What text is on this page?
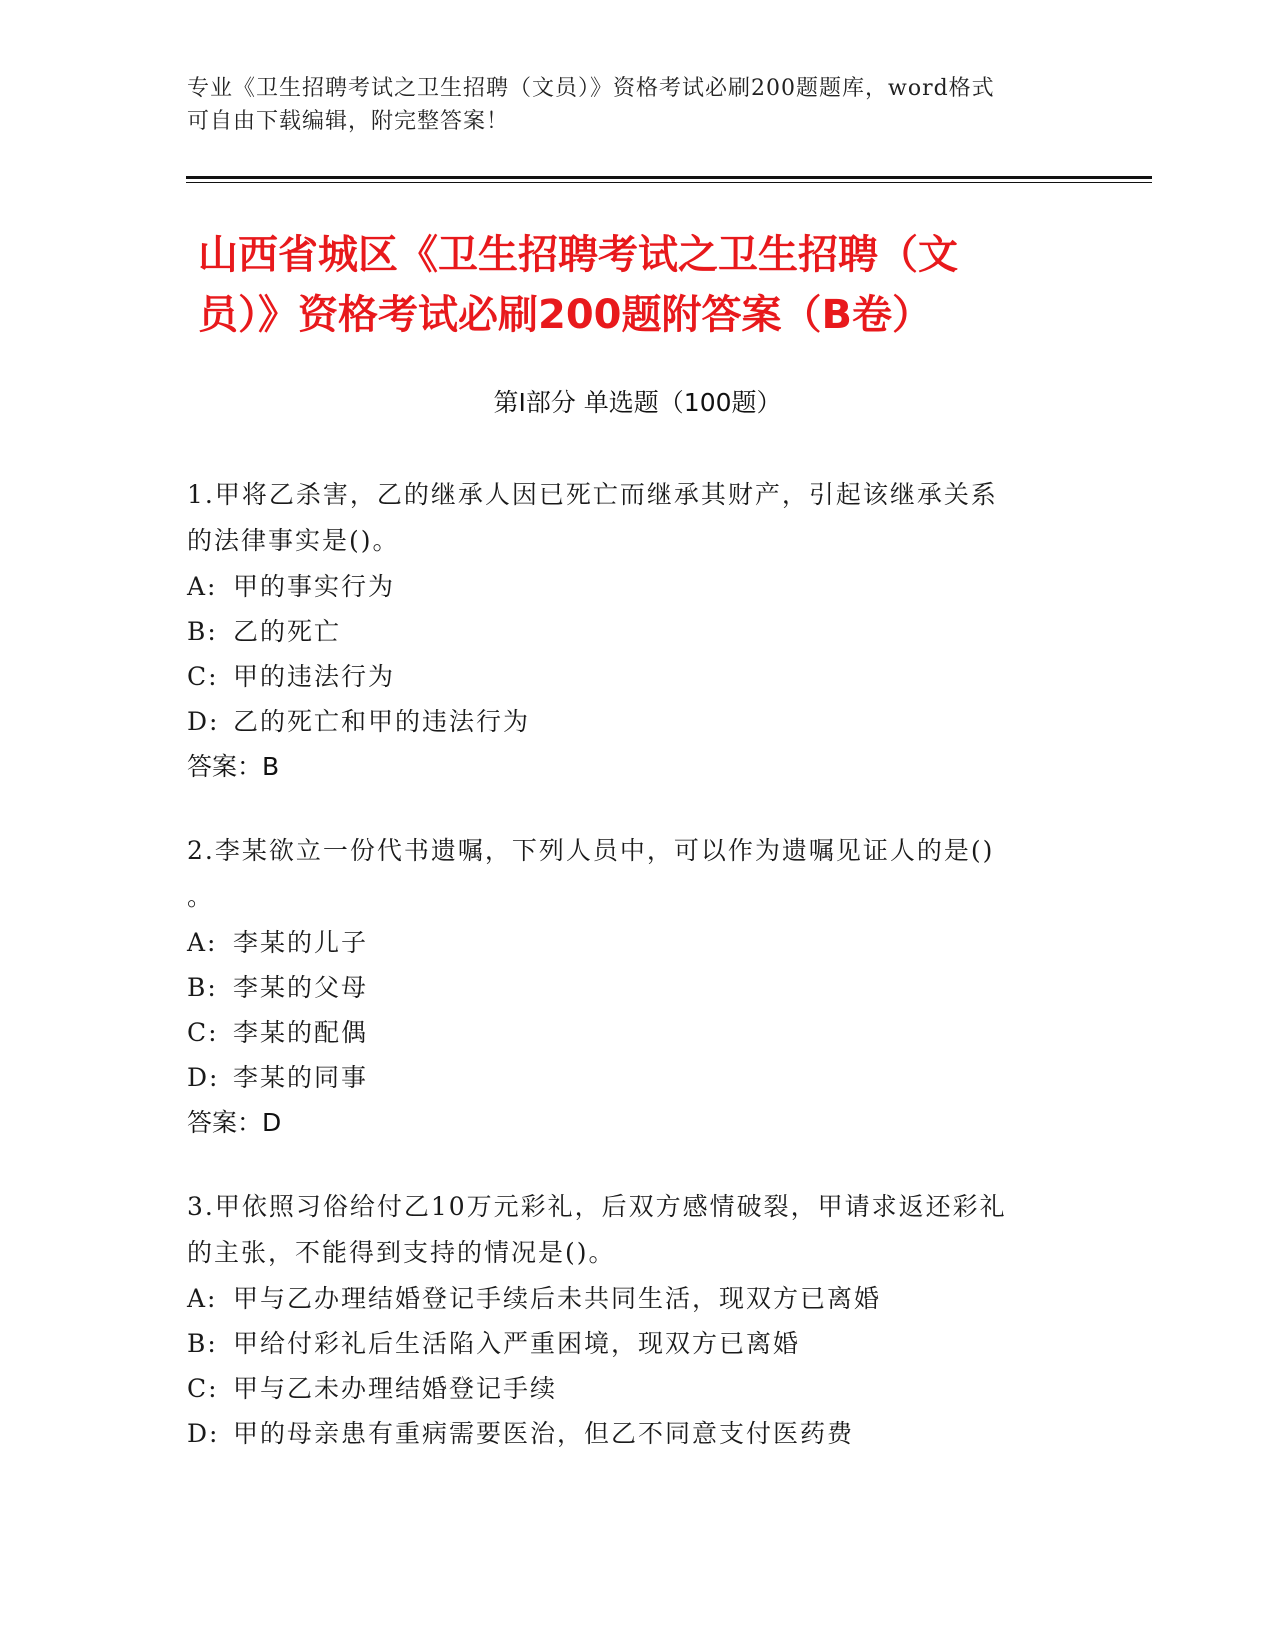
专业《卫生招聘考试之卫生招聘（文员）》资格考试必刷200题题库，word格式
可自由下载编辑，附完整答案！
山西省城区《卫生招聘考试之卫生招聘（文
员）》资格考试必刷200题附答案（B卷）
第Ⅰ部分 单选题（100题）
1.甲将乙杀害，乙的继承人因已死亡而继承其财产，引起该继承关系
的法律事实是()。
A: 甲的事实行为
B: 乙的死亡
C: 甲的违法行为
D: 乙的死亡和甲的违法行为
答案：B
2.李某欲立一份代书遗嘱，下列人员中，可以作为遗嘱见证人的是()
。
A: 李某的儿子
B: 李某的父母
C: 李某的配偶
D: 李某的同事
答案：D
3.甲依照习俗给付乙10万元彩礼，后双方感情破裂，甲请求返还彩礼
的主张，不能得到支持的情况是()。
A: 甲与乙办理结婚登记手续后未共同生活，现双方已离婚
B: 甲给付彩礼后生活陷入严重困境，现双方已离婚
C: 甲与乙未办理结婚登记手续
D: 甲的母亲患有重病需要医治，但乙不同意支付医药费
